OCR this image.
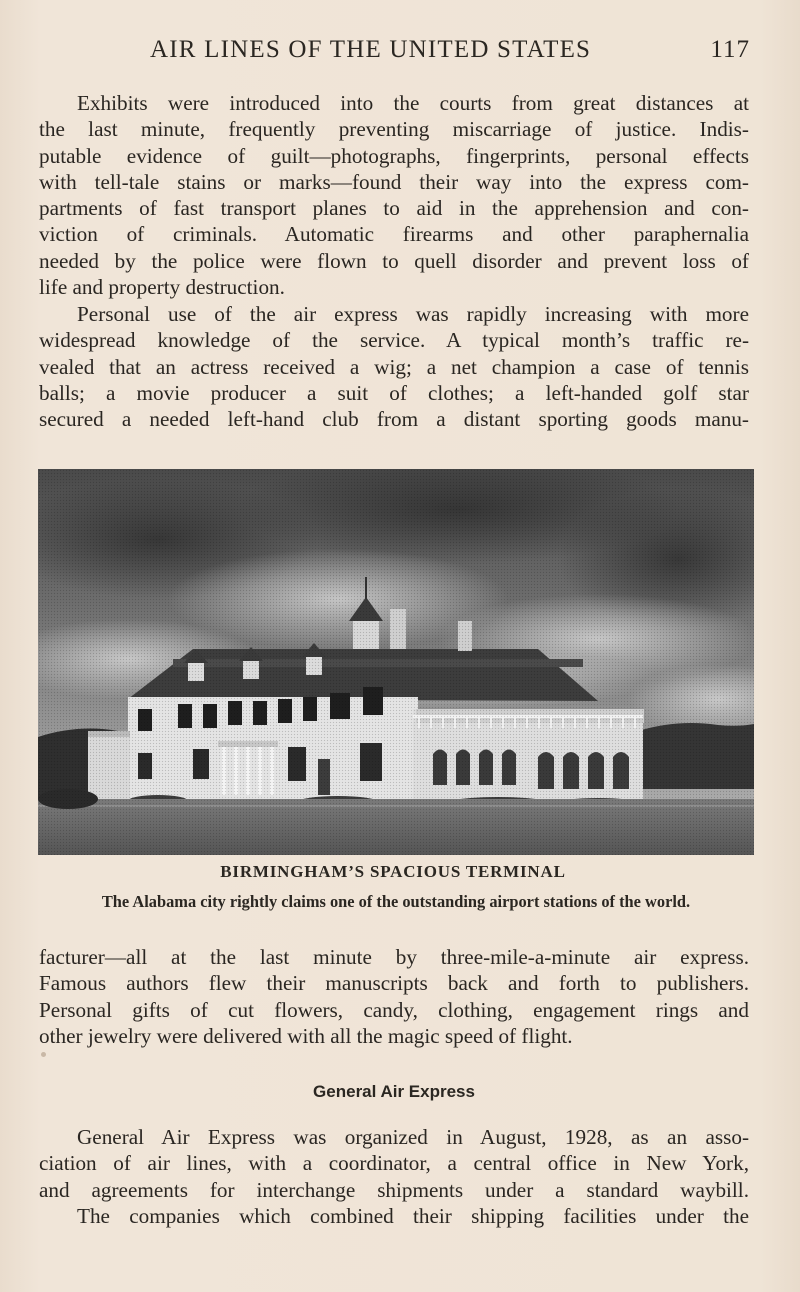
AIR LINES OF THE UNITED STATES	117
Exhibits were introduced into the courts from great distances at
the last minute, frequently preventing miscarriage of justice. Indis-
putable evidence of guilt—photographs, fingerprints, personal effects
with tell-tale stains or marks—found their way into the express com-
partments of fast transport planes to aid in the apprehension and con-
viction of criminals. Automatic firearms and other paraphernalia
needed by the police were flown to quell disorder and prevent loss of
life and property destruction.
Personal use of the air express was rapidly increasing with more
widespread knowledge of the service. A typical month’s traffic re-
vealed that an actress received a wig; a net champion a case of tennis
balls; a movie producer a suit of clothes; a left-handed golf star
secured a needed left-hand club from a distant sporting goods manu-
BIRMINGHAM’S SPACIOUS TERMINAL
The Alabama city rightly claims one of the outstanding airport stations of the world.
facturer—all at the last minute by three-mile-a-minute air express.
Famous authors flew their manuscripts back and forth to publishers.
Personal gifts of cut flowers, candy, clothing, engagement rings and
other jewelry were delivered with all the magic speed of flight.
General Air Express
General Air Express was organized in August, 1928, as an asso-
ciation of air lines, with a coordinator, a central office in New York,
and agreements for interchange shipments under a standard waybill.
The companies which combined their shipping facilities under the
